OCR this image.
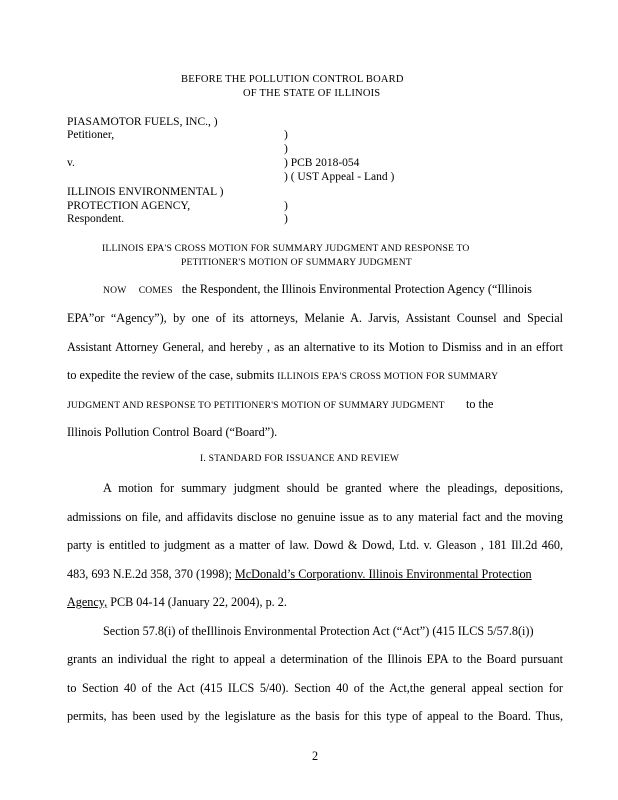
BEFORE THE POLLUTION CONTROL BOARD
OF THE STATE OF ILLINOIS
PIASAMOTOR FUELS, INC., )
Petitioner,
v.
ILLINOIS ENVIRONMENTAL )
PROTECTION AGENCY,
Respondent.
)
)
) PCB 2018-054
) ( UST Appeal - Land )
)
)
ILLINOIS EPA'S CROSS MOTION FOR SUMMARY JUDGMENT AND RESPONSE TO
PETITIONER'S MOTION OF SUMMARY JUDGMENT
NOW COMES the Respondent, the Illinois Environmental Protection Agency (“Illinois
EPA”or “Agency”), by one of its attorneys, Melanie A. Jarvis, Assistant Counsel and Special
Assistant Attorney General, and hereby , as an alternative to its Motion to Dismiss and in an effort
to expedite the review of the case, submits ILLINOIS EPA'S CROSS MOTION FOR SUMMARY
JUDGMENT AND RESPONSE TO PETITIONER'S MOTION OF SUMMARY JUDGMENT to the
Illinois Pollution Control Board (“Board”).
I. STANDARD FOR ISSUANCE AND REVIEW
A motion for summary judgment should be granted where the pleadings, depositions,
admissions on file, and affidavits disclose no genuine issue as to any material fact and the moving
party is entitled to judgment as a matter of law. Dowd & Dowd, Ltd. v. Gleason , 181 Ill.2d 460,
483, 693 N.E.2d 358, 370 (1998); McDonald’s Corporationv. Illinois Environmental Protection
Agency, PCB 04-14 (January 22, 2004), p. 2.
Section 57.8(i) of theIllinois Environmental Protection Act (“Act”) (415 ILCS 5/57.8(i))
grants an individual the right to appeal a determination of the Illinois EPA to the Board pursuant
to Section 40 of the Act (415 ILCS 5/40). Section 40 of the Act,the general appeal section for
permits, has been used by the legislature as the basis for this type of appeal to the Board. Thus,
2
